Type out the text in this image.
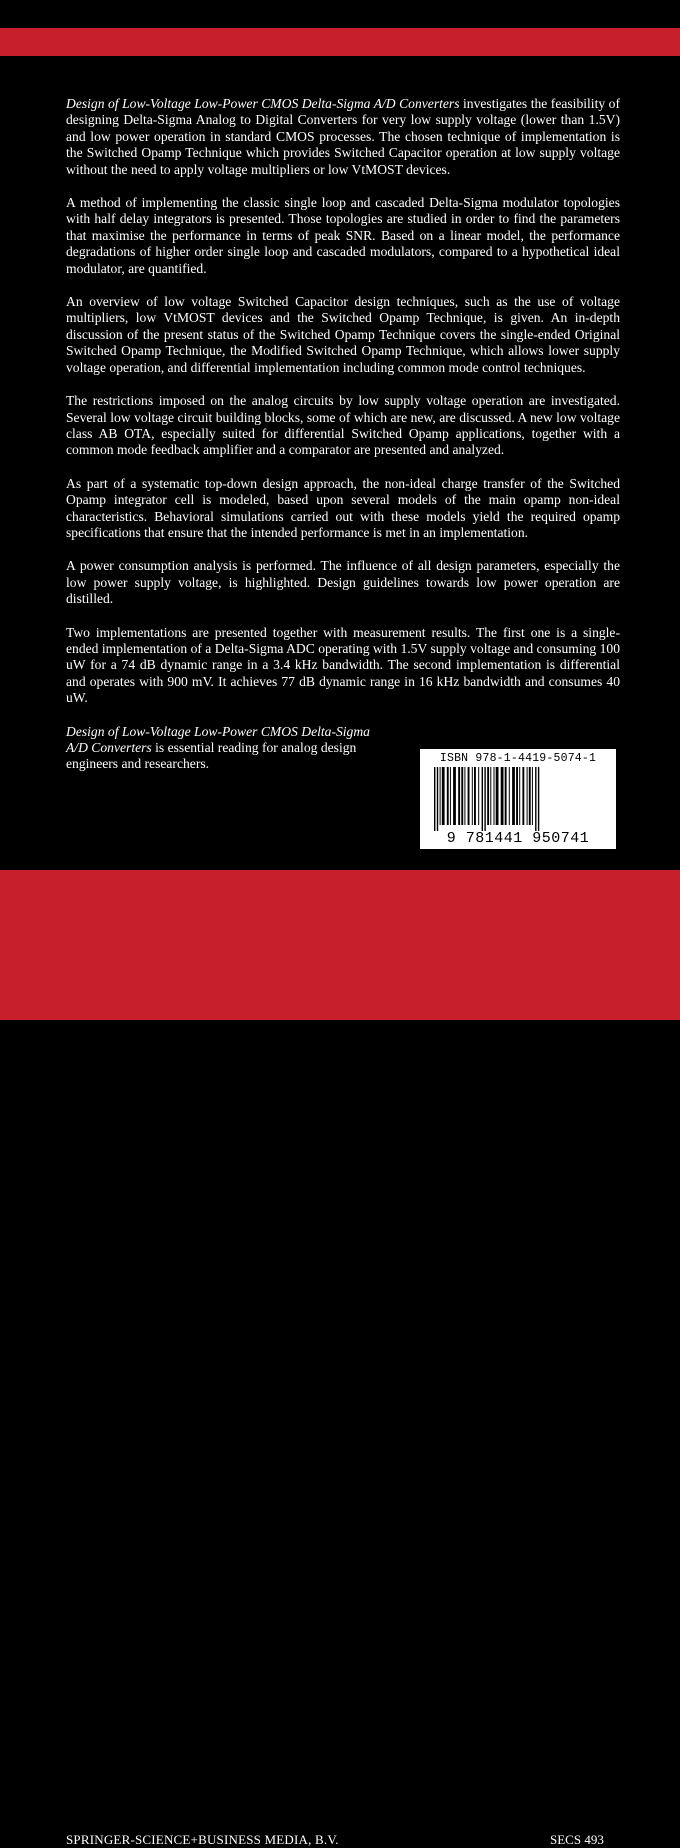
Design of Low-Voltage Low-Power CMOS Delta-Sigma A/D Converters investigates the feasibility of designing Delta-Sigma Analog to Digital Converters for very low supply voltage (lower than 1.5V) and low power operation in standard CMOS processes. The chosen technique of implementation is the Switched Opamp Technique which provides Switched Capacitor operation at low supply voltage without the need to apply voltage multipliers or low VtMOST devices.

A method of implementing the classic single loop and cascaded Delta-Sigma modulator topologies with half delay integrators is presented. Those topologies are studied in order to find the parameters that maximise the performance in terms of peak SNR. Based on a linear model, the performance degradations of higher order single loop and cascaded modulators, compared to a hypothetical ideal modulator, are quantified.

An overview of low voltage Switched Capacitor design techniques, such as the use of voltage multipliers, low VtMOST devices and the Switched Opamp Technique, is given. An in-depth discussion of the present status of the Switched Opamp Technique covers the single-ended Original Switched Opamp Technique, the Modified Switched Opamp Technique, which allows lower supply voltage operation, and differential implementation including common mode control techniques.

The restrictions imposed on the analog circuits by low supply voltage operation are investigated. Several low voltage circuit building blocks, some of which are new, are discussed. A new low voltage class AB OTA, especially suited for differential Switched Opamp applications, together with a common mode feedback amplifier and a comparator are presented and analyzed.

As part of a systematic top-down design approach, the non-ideal charge transfer of the Switched Opamp integrator cell is modeled, based upon several models of the main opamp non-ideal characteristics. Behavioral simulations carried out with these models yield the required opamp specifications that ensure that the intended performance is met in an implementation.

A power consumption analysis is performed. The influence of all design parameters, especially the low power supply voltage, is highlighted. Design guidelines towards low power operation are distilled.

Two implementations are presented together with measurement results. The first one is a single-ended implementation of a Delta-Sigma ADC operating with 1.5V supply voltage and consuming 100 uW for a 74 dB dynamic range in a 3.4 kHz bandwidth. The second implementation is differential and operates with 900 mV. It achieves 77 dB dynamic range in 16 kHz bandwidth and consumes 40 uW.

Design of Low-Voltage Low-Power CMOS Delta-Sigma A/D Converters is essential reading for analog design engineers and researchers.	ISBN 978-1-4419-5074-1
9 781441 950741
SPRINGER-SCIENCE+BUSINESS MEDIA, B.V.	SECS 493
